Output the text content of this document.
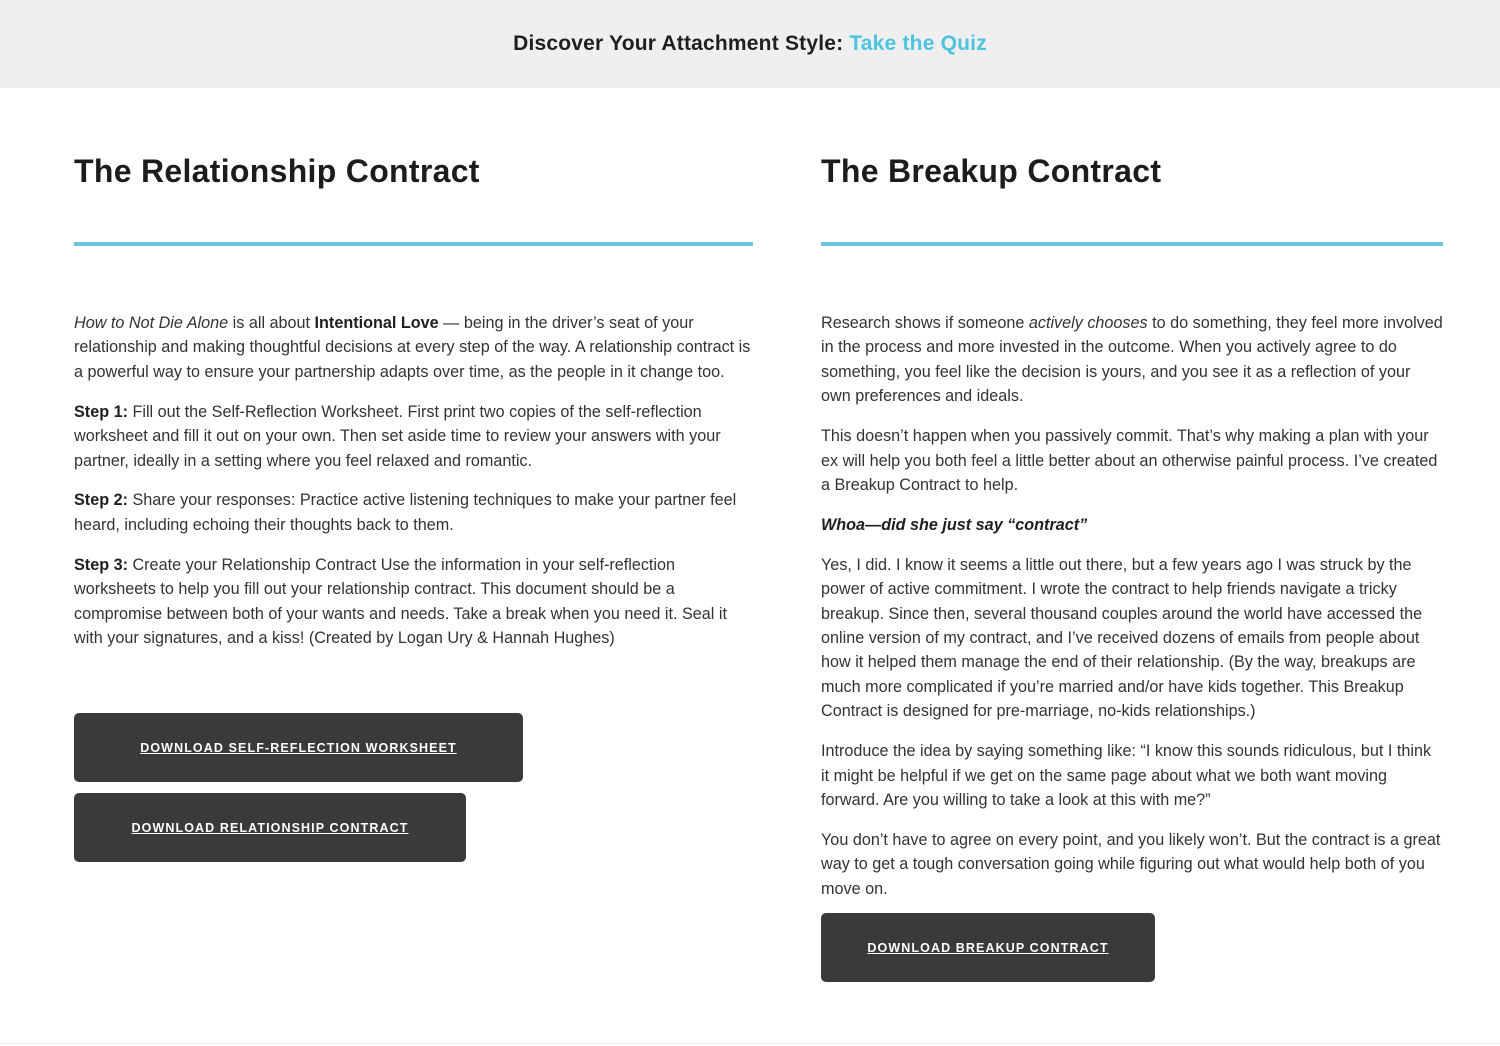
Discover Your Attachment Style: Take the Quiz
The Relationship Contract

How to Not Die Alone is all about Intentional Love — being in the driver’s seat of your relationship and making thoughtful decisions at every step of the way. A relationship contract is a powerful way to ensure your partnership adapts over time, as the people in it change too.

Step 1: Fill out the Self-Reflection Worksheet. First print two copies of the self-reflection worksheet and fill it out on your own. Then set aside time to review your answers with your partner, ideally in a setting where you feel relaxed and romantic.

Step 2: Share your responses: Practice active listening techniques to make your partner feel heard, including echoing their thoughts back to them.

Step 3: Create your Relationship Contract Use the information in your self-reflection worksheets to help you fill out your relationship contract. This document should be a compromise between both of your wants and needs. Take a break when you need it. Seal it with your signatures, and a kiss! (Created by Logan Ury & Hannah Hughes)

DOWNLOAD SELF-REFLECTION WORKSHEET
DOWNLOAD RELATIONSHIP CONTRACT
The Breakup Contract

Research shows if someone actively chooses to do something, they feel more involved in the process and more invested in the outcome. When you actively agree to do something, you feel like the decision is yours, and you see it as a reflection of your own preferences and ideals.

This doesn’t happen when you passively commit. That’s why making a plan with your ex will help you both feel a little better about an otherwise painful process. I’ve created a Breakup Contract to help.

Whoa—did she just say “contract”

Yes, I did. I know it seems a little out there, but a few years ago I was struck by the power of active commitment. I wrote the contract to help friends navigate a tricky breakup. Since then, several thousand couples around the world have accessed the online version of my contract, and I’ve received dozens of emails from people about how it helped them manage the end of their relationship. (By the way, breakups are much more complicated if you’re married and/or have kids together. This Breakup Contract is designed for pre-marriage, no-kids relationships.)

Introduce the idea by saying something like: “I know this sounds ridiculous, but I think it might be helpful if we get on the same page about what we both want moving forward. Are you willing to take a look at this with me?”

You don’t have to agree on every point, and you likely won’t. But the contract is a great way to get a tough conversation going while figuring out what would help both of you move on.

DOWNLOAD BREAKUP CONTRACT
